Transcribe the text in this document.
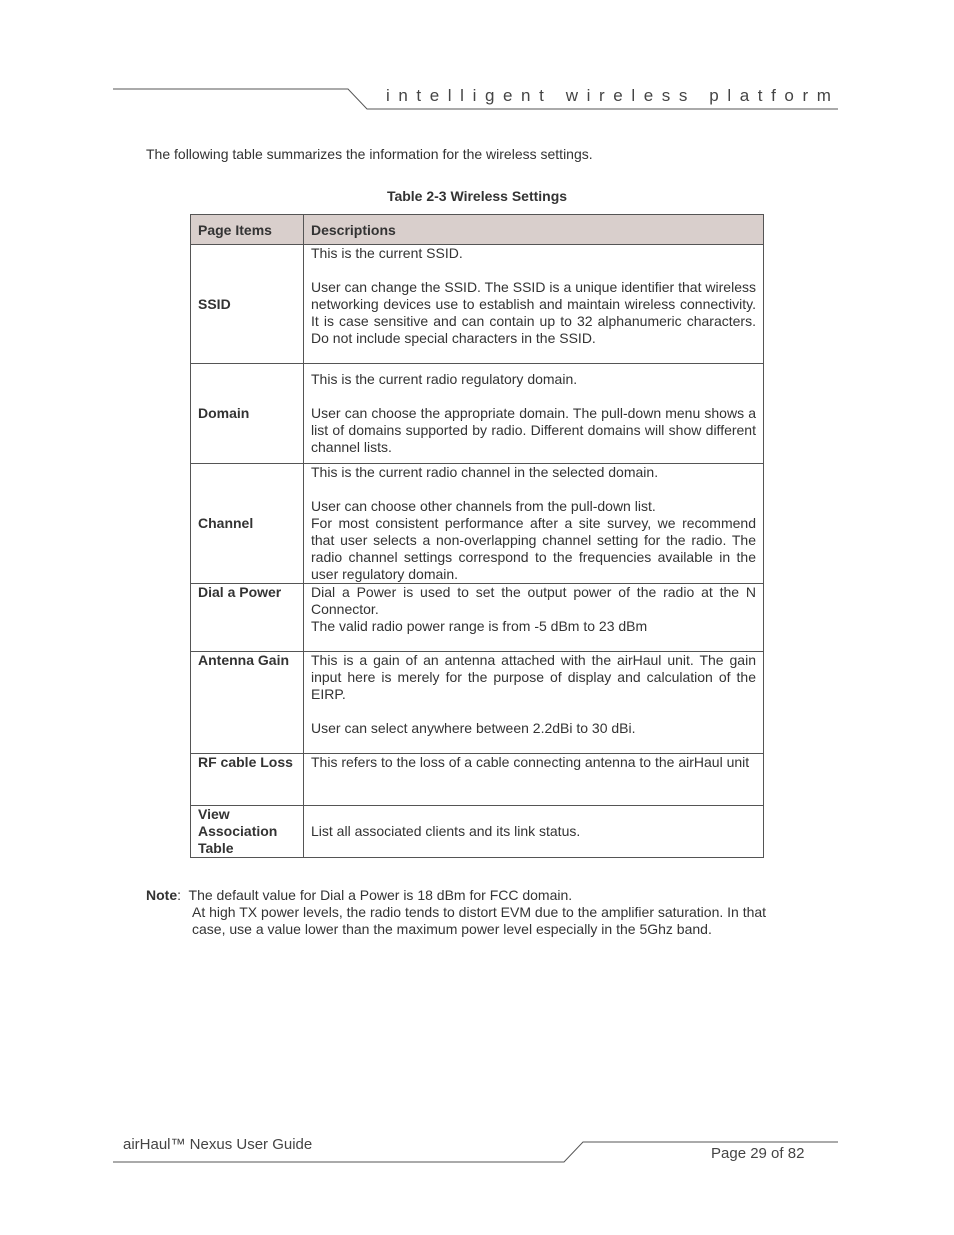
intelligent wireless platform
The following table summarizes the information for the wireless settings.
Table 2-3 Wireless Settings
Page Items	Descriptions
SSID	This is the current SSID.

User can change the SSID. The SSID is a unique identifier that wireless networking devices use to establish and maintain wireless connectivity. It is case sensitive and can contain up to 32 alphanumeric characters. Do not include special characters in the SSID.

Domain	This is the current radio regulatory domain.

User can choose the appropriate domain. The pull-down menu shows a list of domains supported by radio. Different domains will show different channel lists.

Channel	This is the current radio channel in the selected domain.

User can choose other channels from the pull-down list.

For most consistent performance after a site survey, we recommend that user selects a non-overlapping channel setting for the radio. The radio channel settings correspond to the frequencies available in the user regulatory domain.

Dial a Power	Dial a Power is used to set the output power of the radio at the N Connector.

The valid radio power range is from -5 dBm to 23 dBm

Antenna Gain	This is a gain of an antenna attached with the airHaul unit. The gain input here is merely for the purpose of display and calculation of the EIRP.

User can select anywhere between 2.2dBi to 30 dBi.

RF cable Loss	This refers to the loss of a cable connecting antenna to the airHaul unit

View
Association
Table	List all associated clients and its link status.

Note:  The default value for Dial a Power is 18 dBm for FCC domain.
At high TX power levels, the radio tends to distort EVM due to the amplifier saturation. In that
case, use a value lower than the maximum power level especially in the 5Ghz band.
airHaul™ Nexus User Guide
Page 29 of 82
